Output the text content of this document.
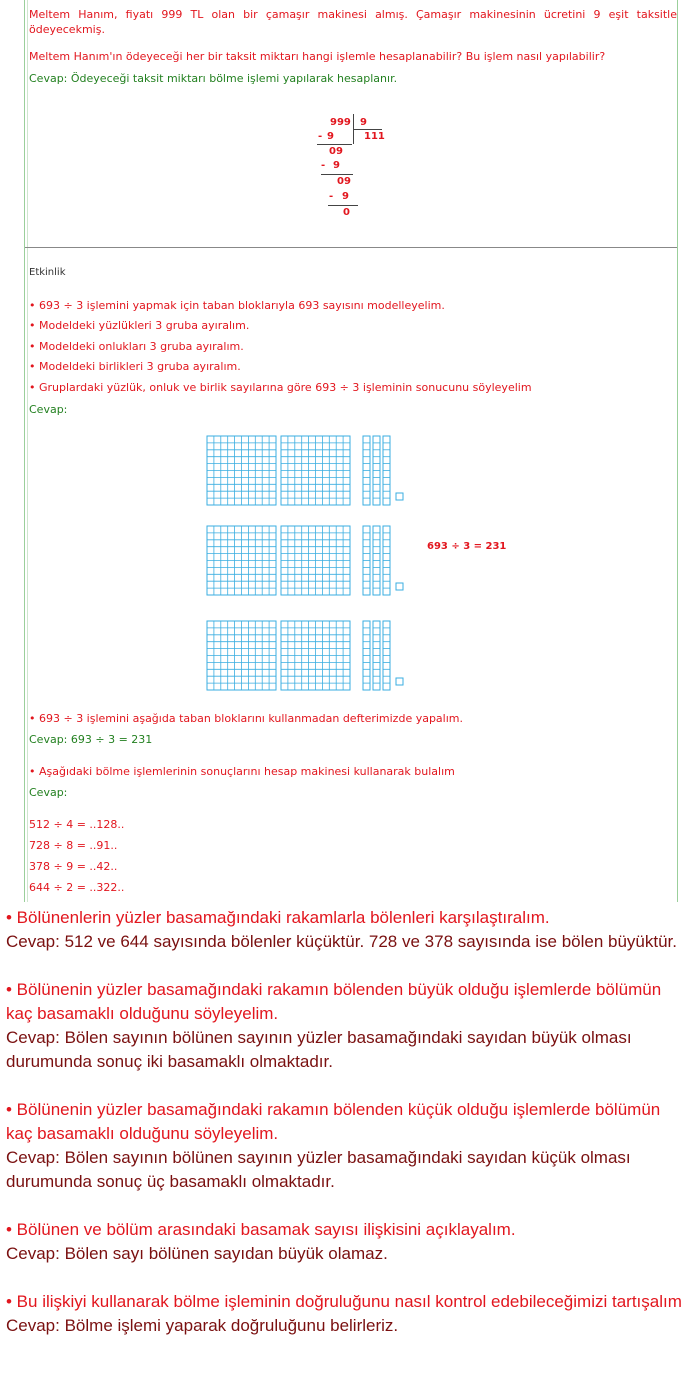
Meltem Hanım, fiyatı 999 TL olan bir çamaşır makinesi almış. Çamaşır makinesinin ücretini 9 eşit taksitle ödeyecekmiş.

Meltem Hanım'ın ödeyeceği her bir taksit miktarı hangi işlemle hesaplanabilir? Bu işlem nasıl yapılabilir?

Cevap: Ödeyeceği taksit miktarı bölme işlemi yapılarak hesaplanır.

999 9
111
- 9
09
- 9
09
- 9
0

Etkinlik

• 693 ÷ 3 işlemini yapmak için taban bloklarıyla 693 sayısını modelleyelim.

• Modeldeki yüzlükleri 3 gruba ayıralım.

• Modeldeki onlukları 3 gruba ayıralım.

• Modeldeki birlikleri 3 gruba ayıralım.

• Gruplardaki yüzlük, onluk ve birlik sayılarına göre 693 ÷ 3 işleminin sonucunu söyleyelim

Cevap:

693 ÷ 3 = 231

• 693 ÷ 3 işlemini aşağıda taban bloklarını kullanmadan defterimizde yapalım.

Cevap: 693 ÷ 3 = 231

• Aşağıdaki bölme işlemlerinin sonuçlarını hesap makinesi kullanarak bulalım

Cevap:

512 ÷ 4 = ..128..

728 ÷ 8 = ..91..

378 ÷ 9 = ..42..

644 ÷ 2 = ..322..

• Bölünenlerin yüzler basamağındaki rakamlarla bölenleri karşılaştıralım.

Cevap: 512 ve 644 sayısında bölenler küçüktür. 728 ve 378 sayısında ise bölen büyüktür.

• Bölünenin yüzler basamağındaki rakamın bölenden büyük olduğu işlemlerde bölümün kaç basamaklı olduğunu söyleyelim.

Cevap: Bölen sayının bölünen sayının yüzler basamağındaki sayıdan büyük olması durumunda sonuç iki basamaklı olmaktadır.

• Bölünenin yüzler basamağındaki rakamın bölenden küçük olduğu işlemlerde bölümün kaç basamaklı olduğunu söyleyelim.

Cevap: Bölen sayının bölünen sayının yüzler basamağındaki sayıdan küçük olması durumunda sonuç üç basamaklı olmaktadır.

• Bölünen ve bölüm arasındaki basamak sayısı ilişkisini açıklayalım.

Cevap: Bölen sayı bölünen sayıdan büyük olamaz.

• Bu ilişkiyi kullanarak bölme işleminin doğruluğunu nasıl kontrol edebileceğimizi tartışalım

Cevap: Bölme işlemi yaparak doğruluğunu belirleriz.
